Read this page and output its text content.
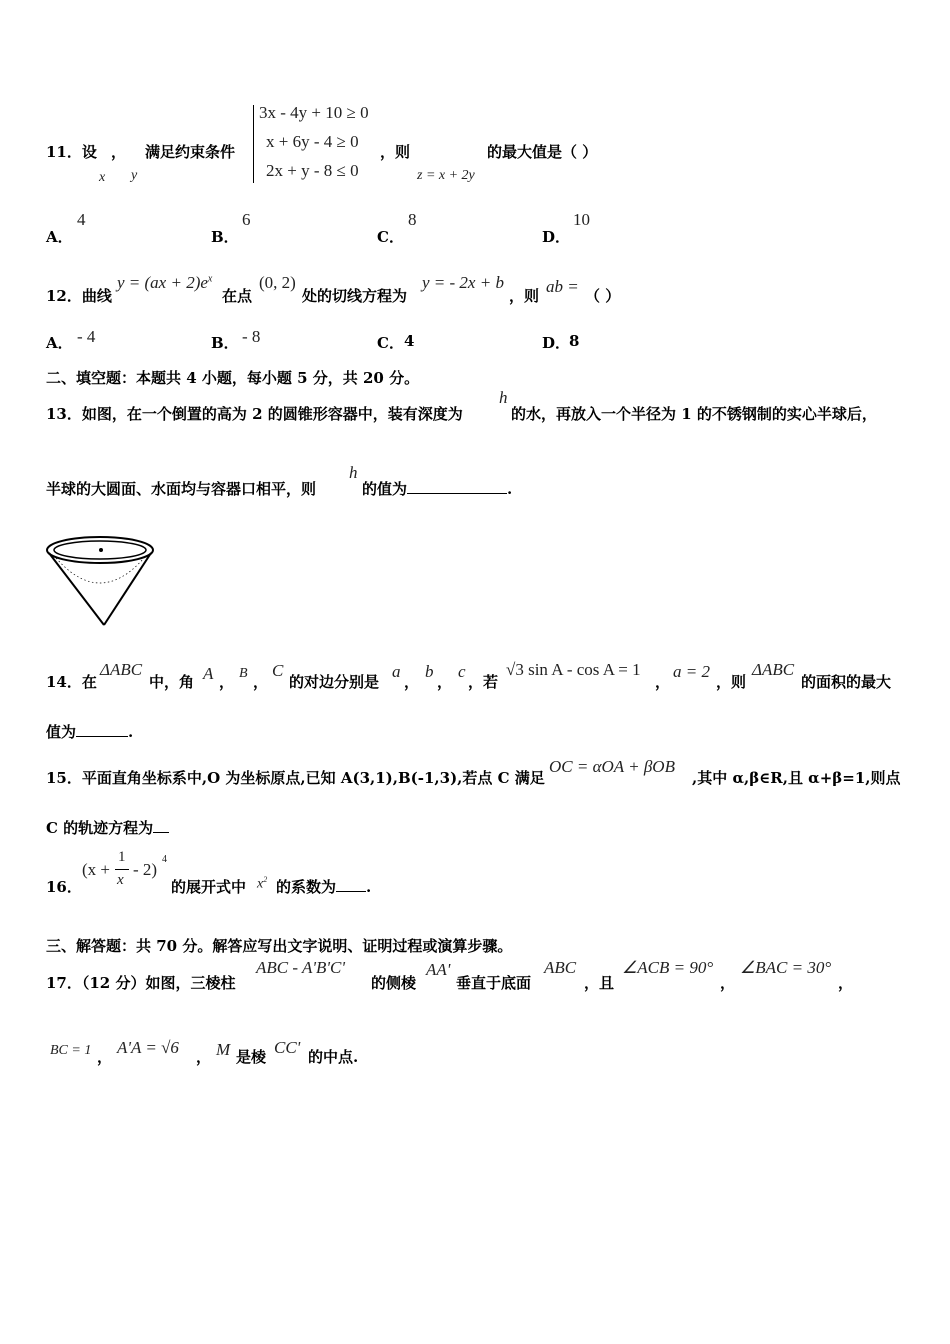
11．设 ，
x y
满足约束条件
3x - 4y + 10 ≥ 0
x + 6y - 4 ≥ 0
2x + y - 8 ≤ 0
，则
z = x + 2y
的最大值是（ ）
A．
4
B．
6
C．
8
D．
10
12．曲线
$y = (ax + 2)e^x$
在点
(0, 2)
处的切线方程为
y = - 2x + b
，则 ab = （ ）
A． - 4	B． - 8	C． 4	D．
8
二、填空题：本题共 4 小题，每小题 5 分，共 20 分。
13．如图，在一个倒置的高为 2 的圆锥形容器中，装有深度为
h
的水，再放入一个半径为 1 的不锈钢制的实心半球后，
半球的大圆面、水面均与容器口相平，则
h
的值为	.
14．在
ΔABC
中，角 A ， B ，
C
的对边分别是
a
，
b
，
c
，若
√3 sin A - cos A = 1
，
a = 2
，则
ΔABC
的面积的最大
值为	.
15．平面直角坐标系中,O 为坐标原点,已知 A(3,1),B(-1,3),若点 C 满足
OC = αOA + βOB
,其中 α,β∈R,且 α+β=1,则点
C 的轨迹方程为
16．
(x +
1
x
- 2)
4
的展开式中 $x^2$ 的系数为 .
三、解答题：共 70 分。解答应写出文字说明、证明过程或演算步骤。
17．（12 分）如图，三棱柱
ABC - A'B'C'
的侧棱
AA'
垂直于底面
ABC
，且
∠ACB = 90°
，
∠BAC = 30°
，
BC = 1 ， A'A = √6 ， M 是棱 CC' 的中点.
